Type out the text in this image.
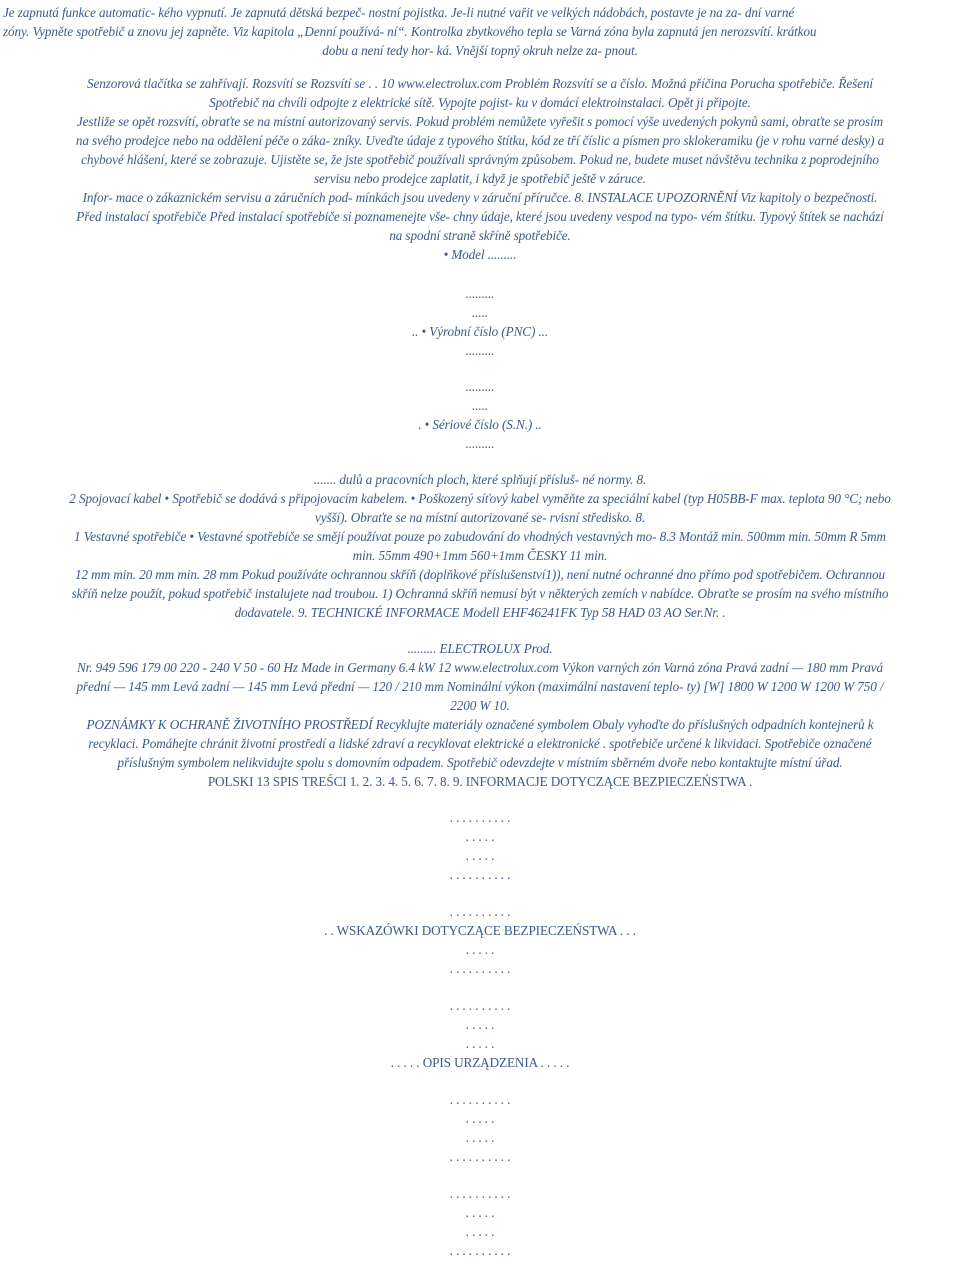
Je zapnutá funkce automatic- kého vypnutí. Je zapnutá dětská bezpeč- nostní pojistka. Je-li nutné vařit ve velkých nádobách, postavte je na za- dní varné
zóny. Vypněte spotřebič a znovu jej zapněte. Viz kapitola „Denní používá- ní“. Kontrolka zbytkového tepla se Varná zóna byla zapnutá jen nerozsvítí. krátkou
dobu a není tedy hor- ká. Vnější topný okruh nelze za- pnout.
Senzorová tlačítka se zahřívají. Rozsvítí se Rozsvítí se . . 10 www.electrolux.com Problém Rozsvítí se a číslo. Možná příčina Porucha spotřebiče. Řešení
Spotřebič na chvíli odpojte z elektrické sítě. Vypojte pojist- ku v domácí elektroinstalaci. Opět ji připojte.
Jestliže se opět rozsvítí, obraťte se na místní autorizovaný servis. Pokud problém nemůžete vyřešit s pomocí výše uvedených pokynů sami, obraťte se prosím
na svého prodejce nebo na oddělení péče o záka- zníky. Uveďte údaje z typového štítku, kód ze tří číslic a písmen pro sklokeramiku (je v rohu varné desky) a
chybové hlášení, které se zobrazuje. Ujistěte se, že jste spotřebič používali správným způsobem. Pokud ne, budete muset návštěvu technika z poprodejního
servisu nebo prodejce zaplatit, i když je spotřebič ještě v záruce.
Infor- mace o zákaznickém servisu a záručních pod- mínkách jsou uvedeny v záruční příručce. 8. INSTALACE UPOZORNĚNÍ Viz kapitoly o bezpečnosti.
Před instalací spotřebiče Před instalací spotřebiče si poznamenejte vše- chny údaje, které jsou uvedeny vespod na typo- vém štítku. Typový štítek se nachází
na spodní straně skříně spotřebiče.
• Model .........
.........
.....
.. • Výrobní číslo (PNC) ...
.........
.........
.....
. • Sériové číslo (S.N.) ..
.........
....... dulů a pracovních ploch, které splňují přísluš- né normy. 8.
2 Spojovací kabel • Spotřebič se dodává s připojovacím kabelem. • Poškozený síťový kabel vyměňte za speciální kabel (typ H05BB-F max. teplota 90 °C; nebo
vyšší). Obraťte se na místní autorizované se- rvisní středisko. 8.
1 Vestavné spotřebiče • Vestavné spotřebiče se smějí používat pouze po zabudování do vhodných vestavných mo- 8.3 Montáž min. 500mm min. 50mm R 5mm
min. 55mm 490+1mm 560+1mm ČESKY 11 min.
12 mm min. 20 mm min. 28 mm Pokud používáte ochrannou skříň (doplňkové příslušenství1)), není nutné ochranné dno přímo pod spotřebičem. Ochrannou
skříň nelze použít, pokud spotřebič instalujete nad troubou. 1) Ochranná skříň nemusí být v některých zemích v nabídce. Obraťte se prosím na svého místního
dodavatele. 9. TECHNICKÉ INFORMACE Modell EHF46241FK Typ 58 HAD 03 AO Ser.Nr. .
......... ELECTROLUX Prod.
Nr. 949 596 179 00 220 - 240 V 50 - 60 Hz Made in Germany 6.4 kW 12 www.electrolux.com Výkon varných zón Varná zóna Pravá zadní — 180 mm Pravá
přední — 145 mm Levá zadní — 145 mm Levá přední — 120 / 210 mm Nominální výkon (maximální nastavení teplo- ty) [W] 1800 W 1200 W 1200 W 750 /
2200 W 10.
POZNÁMKY K OCHRANĚ ŽIVOTNÍHO PROSTŘEDÍ Recyklujte materiály označené symbolem Obaly vyhoďte do příslušných odpadních kontejnerů k
recyklaci. Pomáhejte chránit životní prostředí a lidské zdraví a recyklovat elektrické a elektronické . spotřebiče určené k likvidaci. Spotřebiče označené
příslušným symbolem nelikvidujte spolu s domovním odpadem. Spotřebič odevzdejte v místním sběrném dvoře nebo kontaktujte místní úřad.
POLSKI 13 SPIS TREŚCI 1. 2. 3. 4. 5. 6. 7. 8. 9. INFORMACJE DOTYCZĄCE BEZPIECZEŃSTWA .
. . . . . . . . . .
. . . . .
. . . . .
. . . . . . . . . .
. . . . . . . . . .
. . WSKAZÓWKI DOTYCZĄCE BEZPIECZEŃSTWA . . .
. . . . .
. . . . . . . . . .
. . . . . . . . . .
. . . . .
. . . . .
. . . . . OPIS URZĄDZENIA . . . . .
. . . . . . . . . .
. . . . .
. . . . .
. . . . . . . . . .
. . . . . . . . . .
. . . . .
. . . . .
. . . . . . . . . .
